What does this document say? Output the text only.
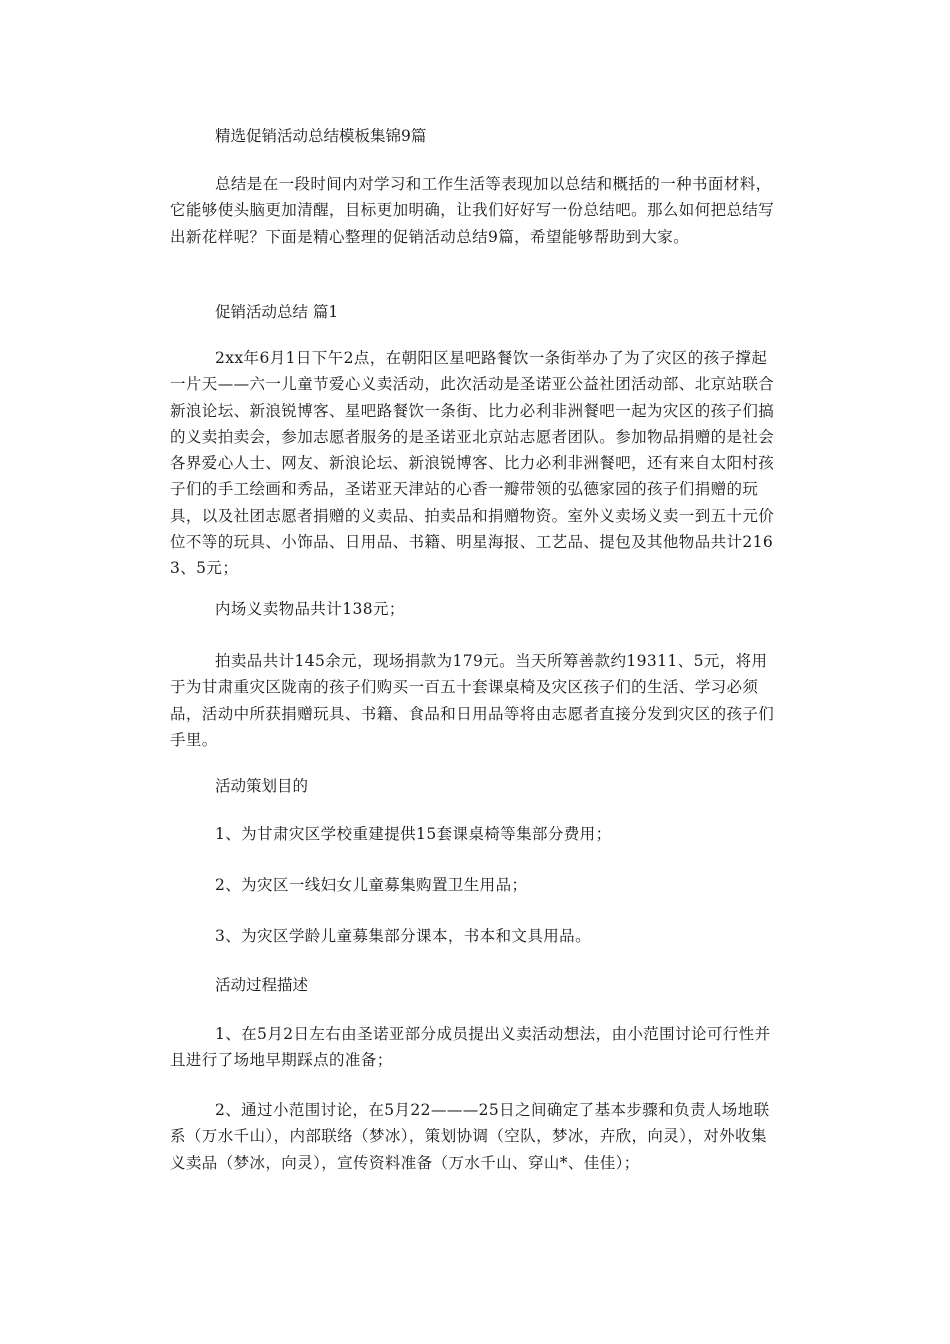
精选促销活动总结模板集锦9篇

总结是在一段时间内对学习和工作生活等表现加以总结和概括的一种书面材料，它能够使头脑更加清醒，目标更加明确，让我们好好写一份总结吧。那么如何把总结写出新花样呢？下面是精心整理的促销活动总结9篇，希望能够帮助到大家。

促销活动总结 篇1

2xx年6月1日下午2点，在朝阳区星吧路餐饮一条街举办了为了灾区的孩子撑起一片天——六一儿童节爱心义卖活动，此次活动是圣诺亚公益社团活动部、北京站联合新浪论坛、新浪锐博客、星吧路餐饮一条街、比力必利非洲餐吧一起为灾区的孩子们搞的义卖拍卖会，参加志愿者服务的是圣诺亚北京站志愿者团队。参加物品捐赠的是社会各界爱心人士、网友、新浪论坛、新浪锐博客、比力必利非洲餐吧，还有来自太阳村孩子们的手工绘画和秀品，圣诺亚天津站的心香一瓣带领的弘德家园的孩子们捐赠的玩具，以及社团志愿者捐赠的义卖品、拍卖品和捐赠物资。室外义卖场义卖一到五十元价位不等的玩具、小饰品、日用品、书籍、明星海报、工艺品、提包及其他物品共计2163、5元；

内场义卖物品共计138元；

拍卖品共计145余元，现场捐款为179元。当天所筹善款约19311、5元，将用于为甘肃重灾区陇南的孩子们购买一百五十套课桌椅及灾区孩子们的生活、学习必须品，活动中所获捐赠玩具、书籍、食品和日用品等将由志愿者直接分发到灾区的孩子们手里。

活动策划目的

1、为甘肃灾区学校重建提供15套课桌椅等集部分费用；

2、为灾区一线妇女儿童募集购置卫生用品；

3、为灾区学龄儿童募集部分课本，书本和文具用品。

活动过程描述

1、在5月2日左右由圣诺亚部分成员提出义卖活动想法，由小范围讨论可行性并且进行了场地早期踩点的准备；

2、通过小范围讨论，在5月22———25日之间确定了基本步骤和负责人场地联系（万水千山），内部联络（梦冰），策划协调（空队，梦冰，卉欣，向灵），对外收集义卖品（梦冰，向灵），宣传资料准备（万水千山、穿山*、佳佳）；
